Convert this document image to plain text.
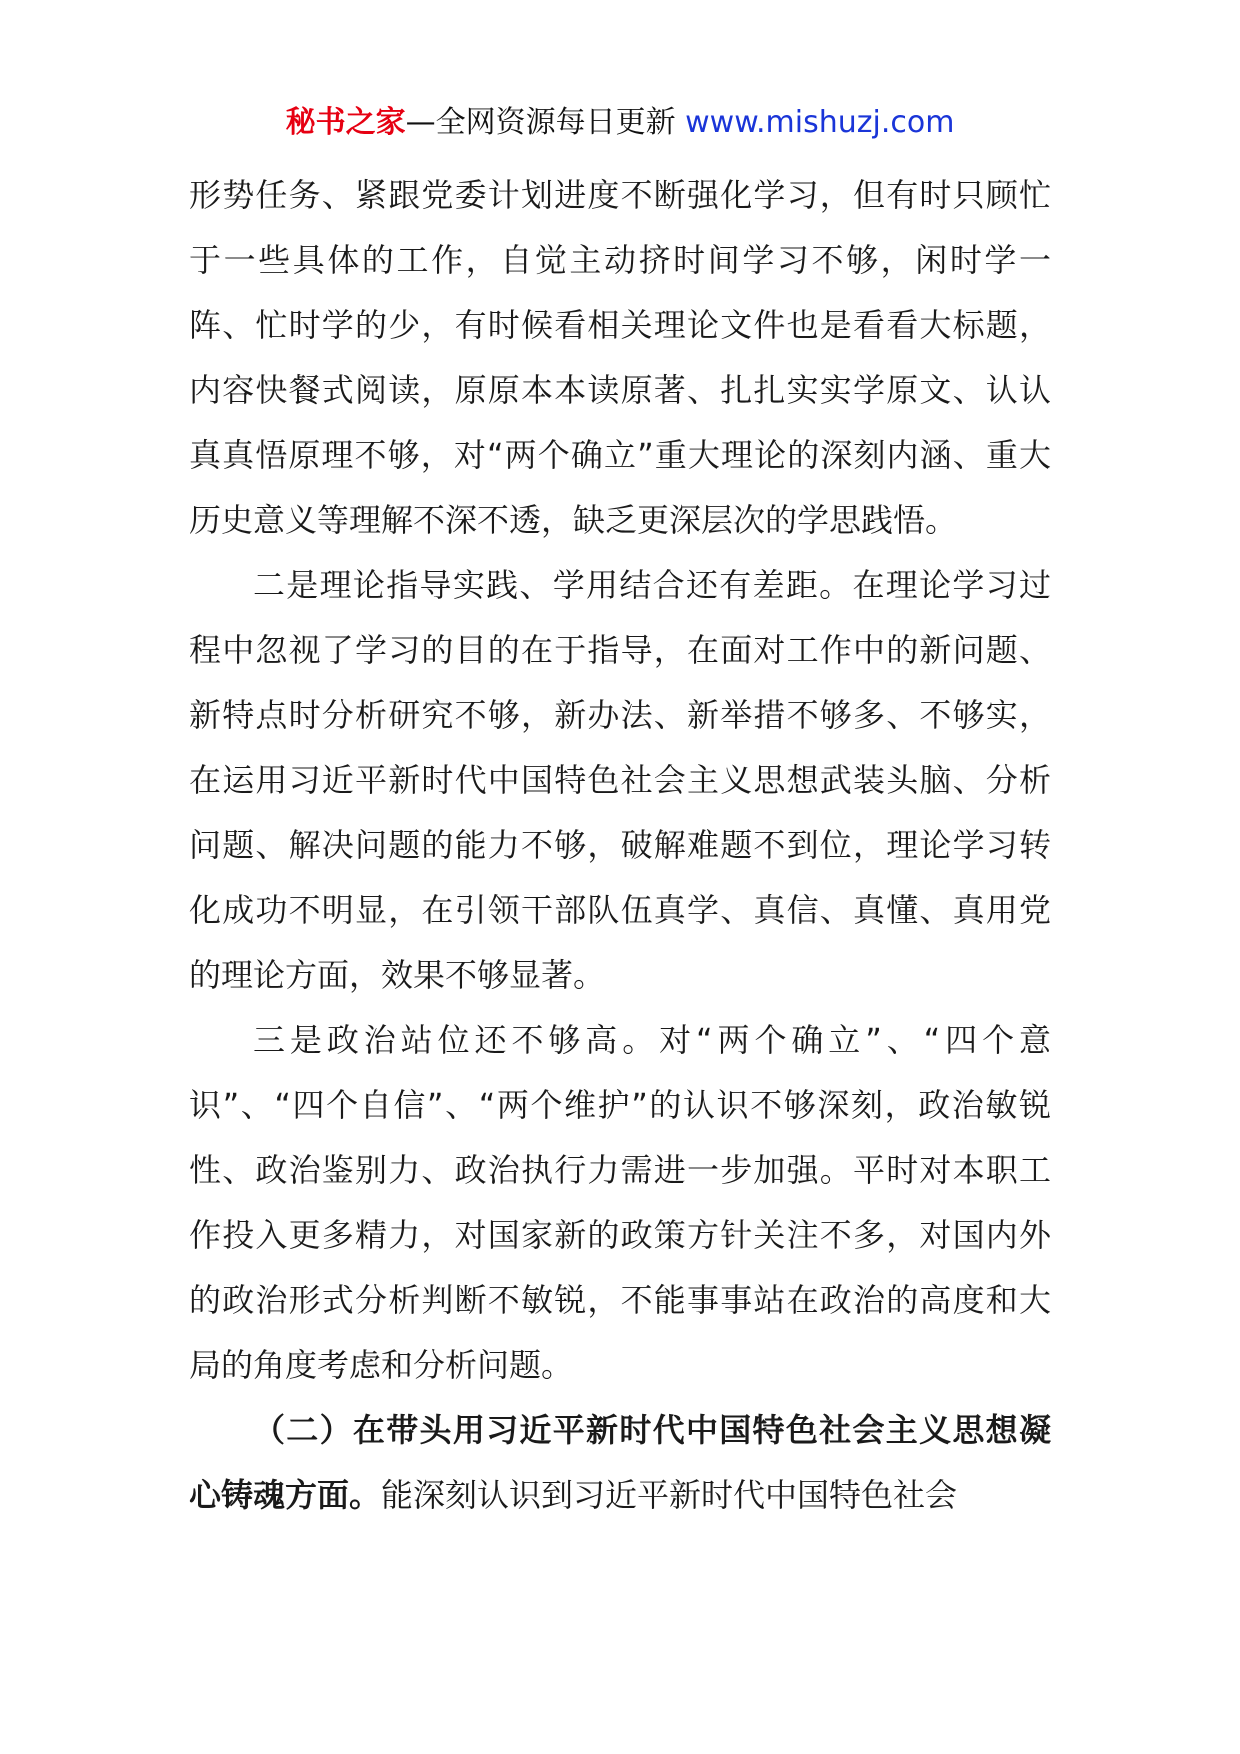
秘书之家—全网资源每日更新 www.mishuzj.com

形势任务、紧跟党委计划进度不断强化学习，但有时只顾忙于一些具体的工作，自觉主动挤时间学习不够，闲时学一阵、忙时学的少，有时候看相关理论文件也是看看大标题，内容快餐式阅读，原原本本读原著、扎扎实实学原文、认认真真悟原理不够，对“两个确立”重大理论的深刻内涵、重大历史意义等理解不深不透，缺乏更深层次的学思践悟。

二是理论指导实践、学用结合还有差距。在理论学习过程中忽视了学习的目的在于指导，在面对工作中的新问题、新特点时分析研究不够，新办法、新举措不够多、不够实，在运用习近平新时代中国特色社会主义思想武装头脑、分析问题、解决问题的能力不够，破解难题不到位，理论学习转化成功不明显，在引领干部队伍真学、真信、真懂、真用党的理论方面，效果不够显著。

三是政治站位还不够高。对“两个确立”、“四个意识”、“四个自信”、“两个维护”的认识不够深刻，政治敏锐性、政治鉴别力、政治执行力需进一步加强。平时对本职工作投入更多精力，对国家新的政策方针关注不多，对国内外的政治形式分析判断不敏锐，不能事事站在政治的高度和大局的角度考虑和分析问题。

（二）在带头用习近平新时代中国特色社会主义思想凝心铸魂方面。能深刻认识到习近平新时代中国特色社会
